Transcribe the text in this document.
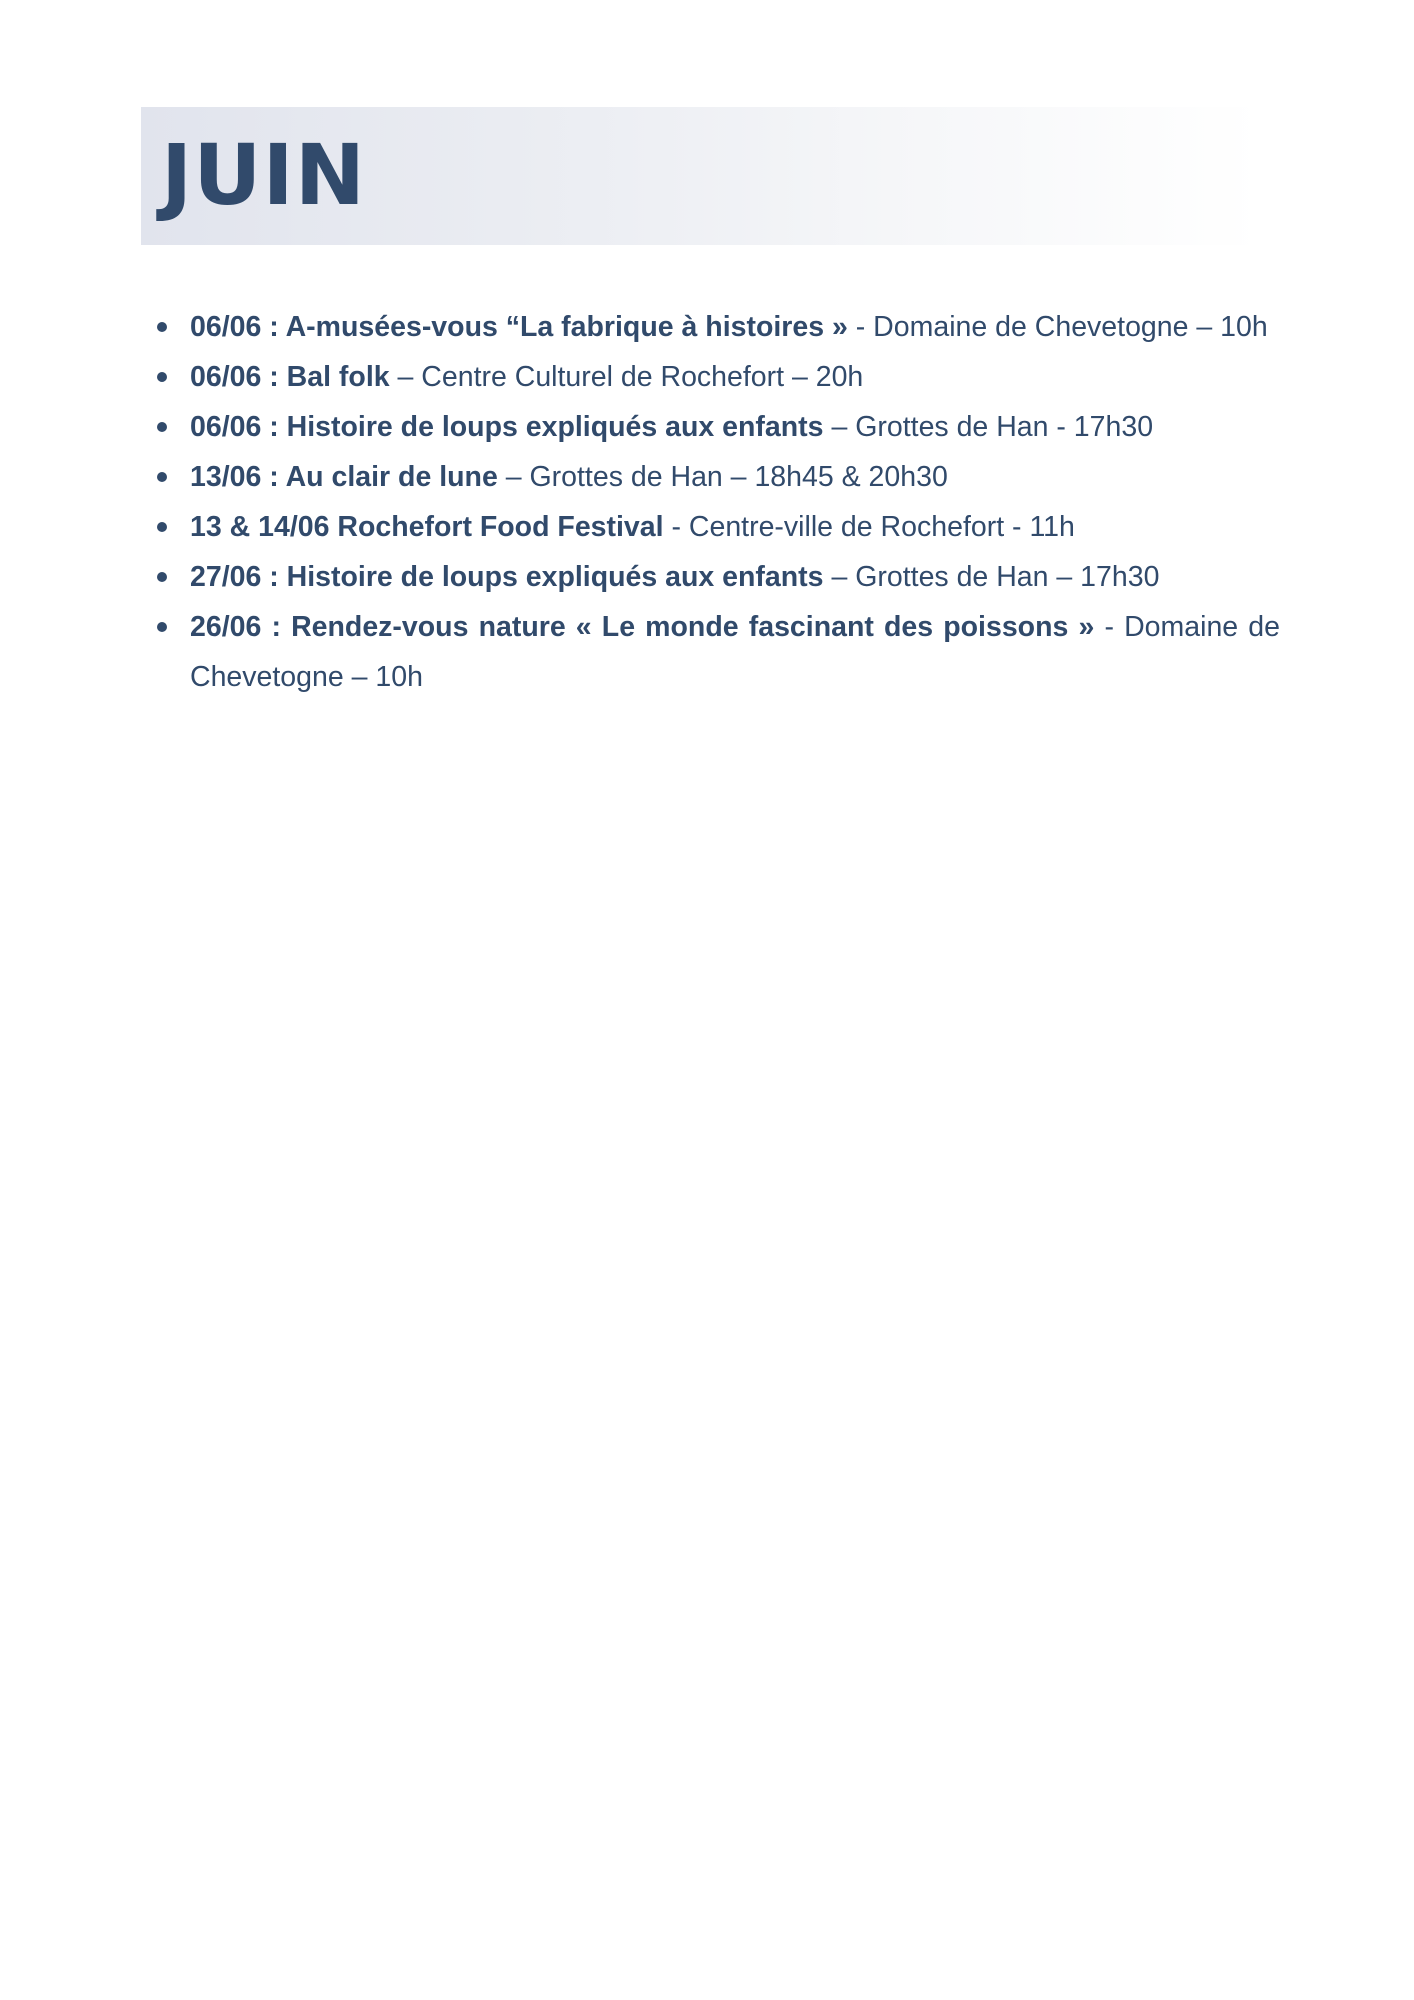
JUIN
06/06 : A-musées-vous “La fabrique à histoires » - Domaine de Chevetogne – 10h
06/06 : Bal folk – Centre Culturel de Rochefort – 20h
06/06 : Histoire de loups expliqués aux enfants – Grottes de Han - 17h30
13/06 : Au clair de lune – Grottes de Han – 18h45 & 20h30
13 & 14/06 Rochefort Food Festival - Centre-ville de Rochefort - 11h
27/06 : Histoire de loups expliqués aux enfants – Grottes de Han – 17h30
26/06 : Rendez-vous nature « Le monde fascinant des poissons » - Domaine de Chevetogne – 10h
